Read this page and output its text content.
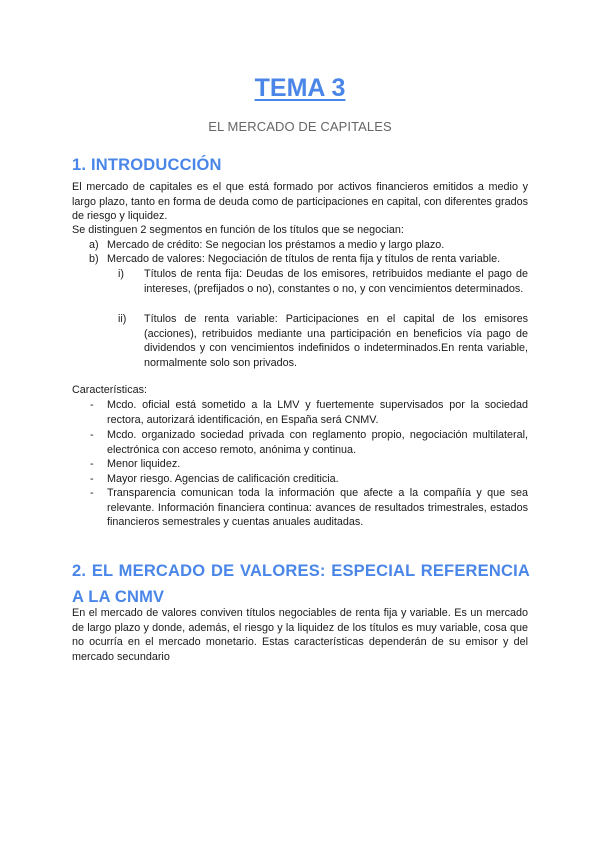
TEMA 3

EL MERCADO DE CAPITALES

1. INTRODUCCIÓN

El mercado de capitales es el que está formado por activos financieros emitidos a medio y largo plazo, tanto en forma de deuda como de participaciones en capital, con diferentes grados de riesgo y liquidez.

Se distinguen 2 segmentos en función de los títulos que se negocian:

a) Mercado de crédito: Se negocian los préstamos a medio y largo plazo.

b) Mercado de valores: Negociación de títulos de renta fija y títulos de renta variable.

i) Títulos de renta fija: Deudas de los emisores, retribuidos mediante el pago de intereses, (prefijados o no), constantes o no, y con vencimientos determinados.

ii) Títulos de renta variable: Participaciones en el capital de los emisores (acciones), retribuidos mediante una participación en beneficios vía pago de dividendos y con vencimientos indefinidos o indeterminados.En renta variable, normalmente solo son privados.

Características:

- Mcdo. oficial está sometido a la LMV y fuertemente supervisados por la sociedad rectora, autorizará identificación, en España será CNMV.

- Mcdo. organizado sociedad privada con reglamento propio, negociación multilateral, electrónica con acceso remoto, anónima y continua.

- Menor liquidez.

- Mayor riesgo. Agencias de calificación crediticia.

- Transparencia comunican toda la información que afecte a la compañía y que sea relevante. Información financiera continua: avances de resultados trimestrales, estados financieros semestrales y cuentas anuales auditadas.

2. EL MERCADO DE VALORES: ESPECIAL REFERENCIA A LA CNMV

En el mercado de valores conviven títulos negociables de renta fija y variable. Es un mercado de largo plazo y donde, además, el riesgo y la liquidez de los títulos es muy variable, cosa que no ocurría en el mercado monetario. Estas características dependerán de su emisor y del mercado secundario
